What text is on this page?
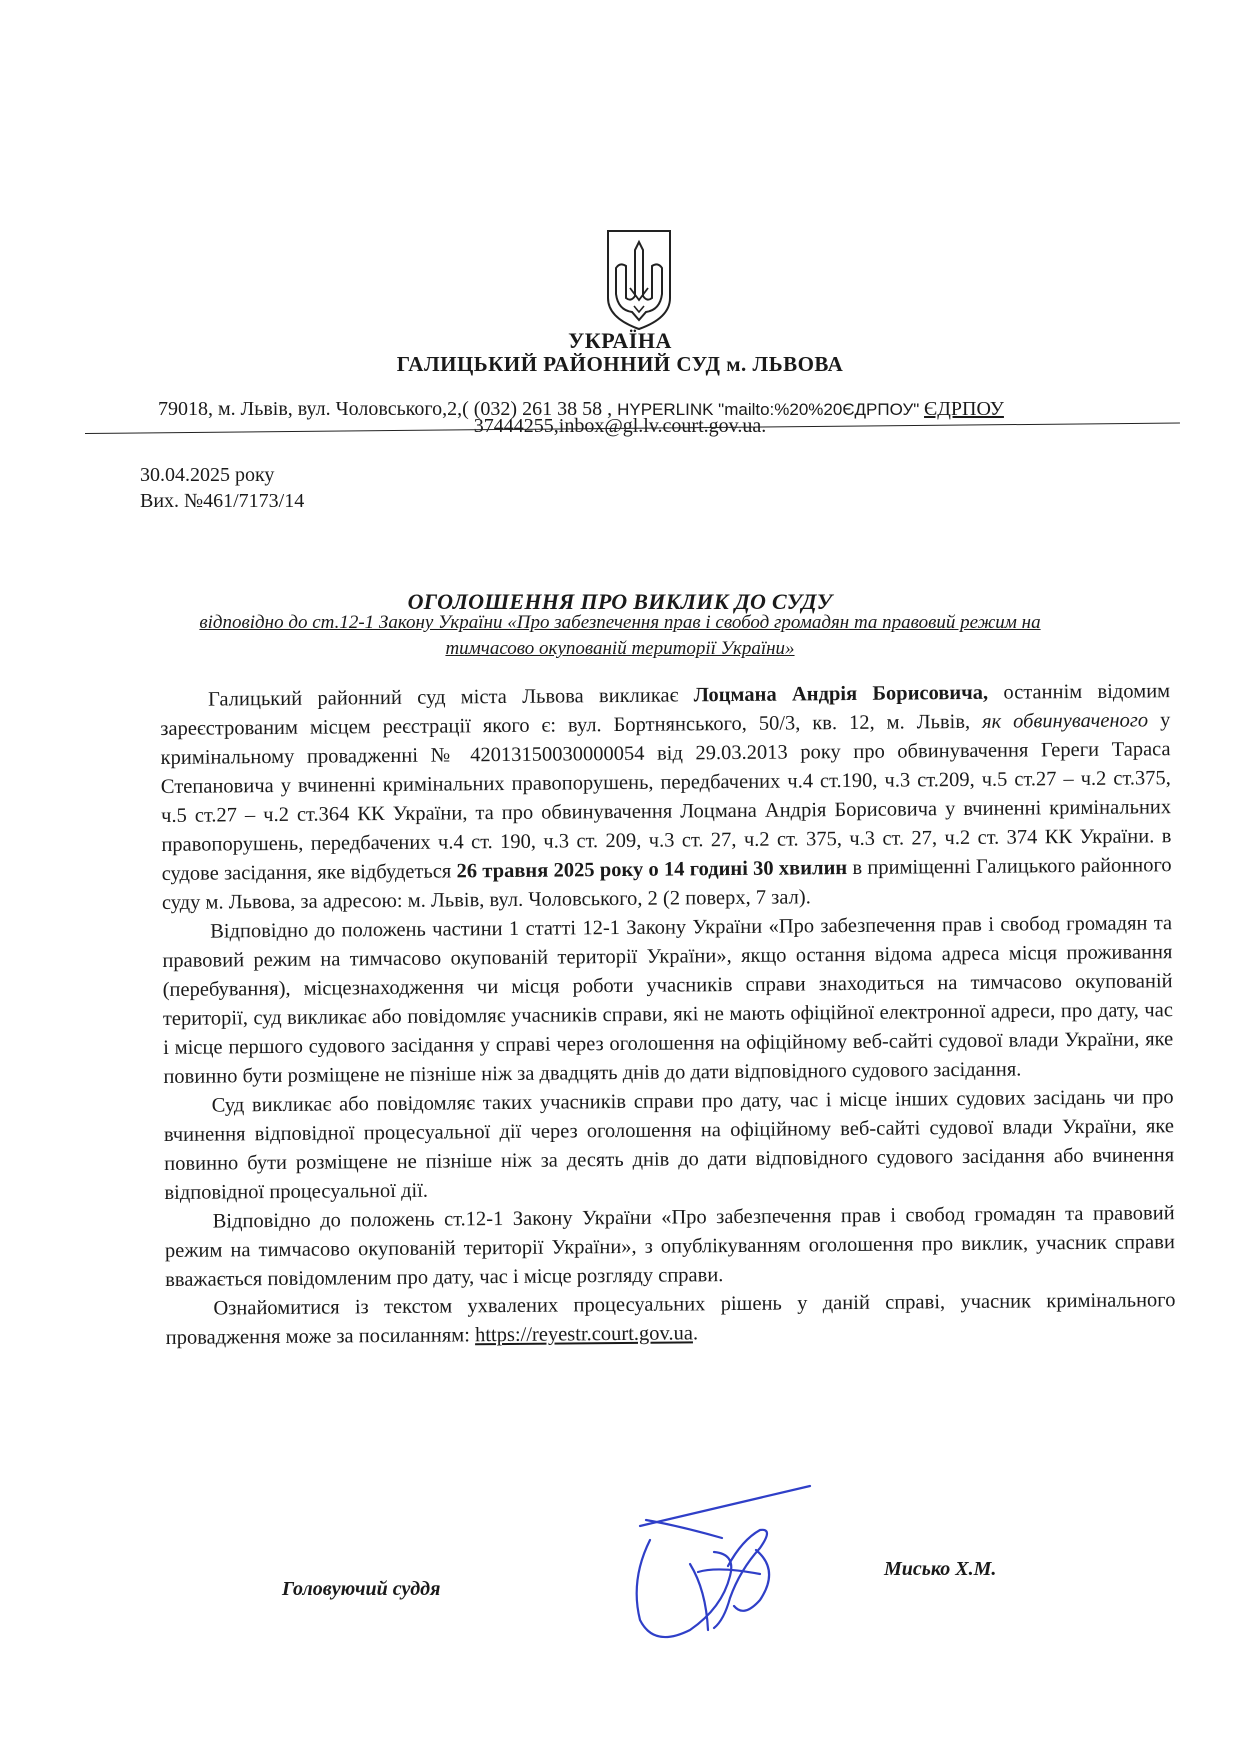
УКРАЇНА
ГАЛИЦЬКИЙ РАЙОННИЙ СУД м. ЛЬВОВА
79018, м. Львів, вул. Чоловського,2,( (032) 261 38 58 , HYPERLINK "mailto:%20%20ЄДРПОУ" ЄДРПОУ
37444255,inbox@gl.lv.court.gov.ua.
30.04.2025 року
Вих. №461/7173/14
ОГОЛОШЕННЯ ПРО ВИКЛИК ДО СУДУ
відповідно до ст.12-1 Закону України «Про забезпечення прав і свобод громадян та правовий режим на
тимчасово окупованій території України»

Галицький районний суд міста Львова викликає Лоцмана Андрія Борисовича, останнім відомим зареєстрованим місцем реєстрації якого є: вул. Бортнянського, 50/3, кв. 12, м. Львів, як обвинуваченого у кримінальному провадженні № 42013150030000054 від 29.03.2013 року про обвинувачення Гереги Тараса Степановича у вчиненні кримінальних правопорушень, передбачених ч.4 ст.190, ч.3 ст.209, ч.5 ст.27 – ч.2 ст.375, ч.5 ст.27 – ч.2 ст.364 КК України, та про обвинувачення Лоцмана Андрія Борисовича у вчиненні кримінальних правопорушень, передбачених ч.4 ст. 190, ч.3 ст. 209, ч.3 ст. 27, ч.2 ст. 375, ч.3 ст. 27, ч.2 ст. 374 КК України. в судове засідання, яке відбудеться 26 травня 2025 року о 14 годині 30 хвилин в приміщенні Галицького районного суду м. Львова, за адресою: м. Львів, вул. Чоловського, 2 (2 поверх, 7 зал).

Відповідно до положень частини 1 статті 12-1 Закону України «Про забезпечення прав і свобод громадян та правовий режим на тимчасово окупованій території України», якщо остання відома адреса місця проживання (перебування), місцезнаходження чи місця роботи учасників справи знаходиться на тимчасово окупованій території, суд викликає або повідомляє учасників справи, які не мають офіційної електронної адреси, про дату, час і місце першого судового засідання у справі через оголошення на офіційному веб-сайті судової влади України, яке повинно бути розміщене не пізніше ніж за двадцять днів до дати відповідного судового засідання.

Суд викликає або повідомляє таких учасників справи про дату, час і місце інших судових засідань чи про вчинення відповідної процесуальної дії через оголошення на офіційному веб-сайті судової влади України, яке повинно бути розміщене не пізніше ніж за десять днів до дати відповідного судового засідання або вчинення відповідної процесуальної дії.

Відповідно до положень ст.12-1 Закону України «Про забезпечення прав і свобод громадян та правовий режим на тимчасово окупованій території України», з опублікуванням оголошення про виклик, учасник справи вважається повідомленим про дату, час і місце розгляду справи.

Ознайомитися із текстом ухвалених процесуальних рішень у даній справі, учасник кримінального провадження може за посиланням: https://reyestr.court.gov.ua.

Головуючий суддя
Мисько Х.М.
